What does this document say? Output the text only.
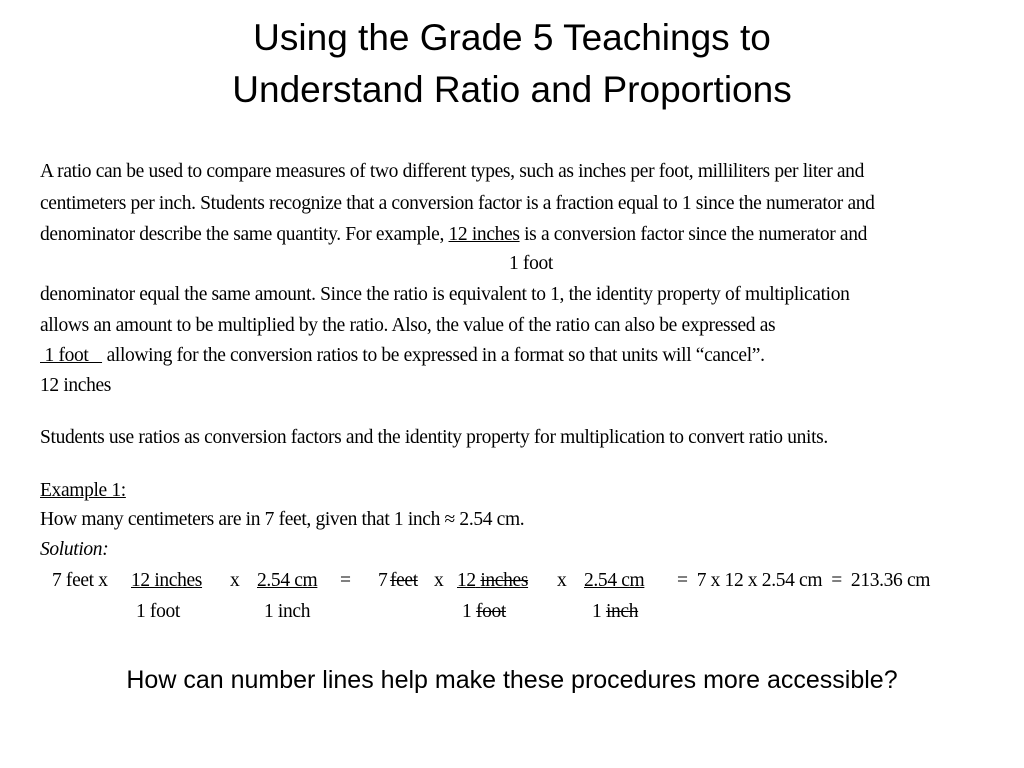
Using the Grade 5 Teachings to
Understand Ratio and Proportions
A ratio can be used to compare measures of two different types, such as inches per foot, milliliters per liter and
centimeters per inch. Students recognize that a conversion factor is a fraction equal to 1 since the numerator and
denominator describe the same quantity. For example, 12 inches is a conversion factor since the numerator and
1 foot
denominator equal the same amount. Since the ratio is equivalent to 1, the identity property of multiplication
allows an amount to be multiplied by the ratio. Also, the value of the ratio can also be expressed as
1 foot    allowing for the conversion ratios to be expressed in a format so that units will “cancel”.
12 inches
Students use ratios as conversion factors and the identity property for multiplication to convert ratio units.
Example 1:
How many centimeters are in 7 feet, given that 1 inch ≈ 2.54 cm.
Solution:
7 feet x 12 inches
1 foot
x 2.54 cm
1 inch
= 7 feet x 12 inches
1 foot
x 2.54 cm
1 inch
=  7 x 12 x 2.54 cm  =  213.36 cm
How can number lines help make these procedures more accessible?
